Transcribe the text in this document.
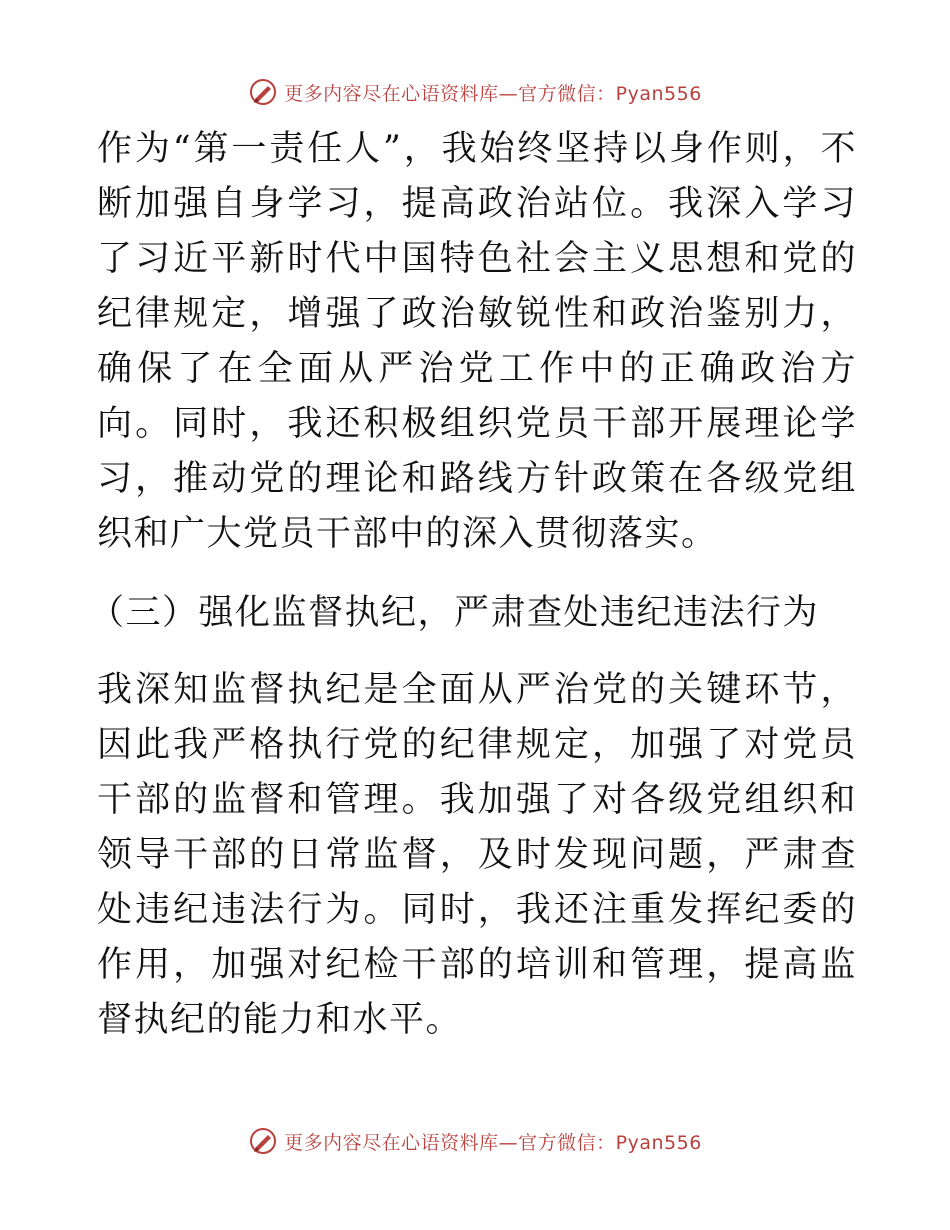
更多内容尽在心语资料库—官方微信：Pyan556

作为“第一责任人”，我始终坚持以身作则，不断加强自身学习，提高政治站位。我深入学习了习近平新时代中国特色社会主义思想和党的纪律规定，增强了政治敏锐性和政治鉴别力，确保了在全面从严治党工作中的正确政治方向。同时，我还积极组织党员干部开展理论学习，推动党的理论和路线方针政策在各级党组织和广大党员干部中的深入贯彻落实。

（三）强化监督执纪，严肃查处违纪违法行为

我深知监督执纪是全面从严治党的关键环节，因此我严格执行党的纪律规定，加强了对党员干部的监督和管理。我加强了对各级党组织和领导干部的日常监督，及时发现问题，严肃查处违纪违法行为。同时，我还注重发挥纪委的作用，加强对纪检干部的培训和管理，提高监督执纪的能力和水平。

更多内容尽在心语资料库—官方微信：Pyan556
